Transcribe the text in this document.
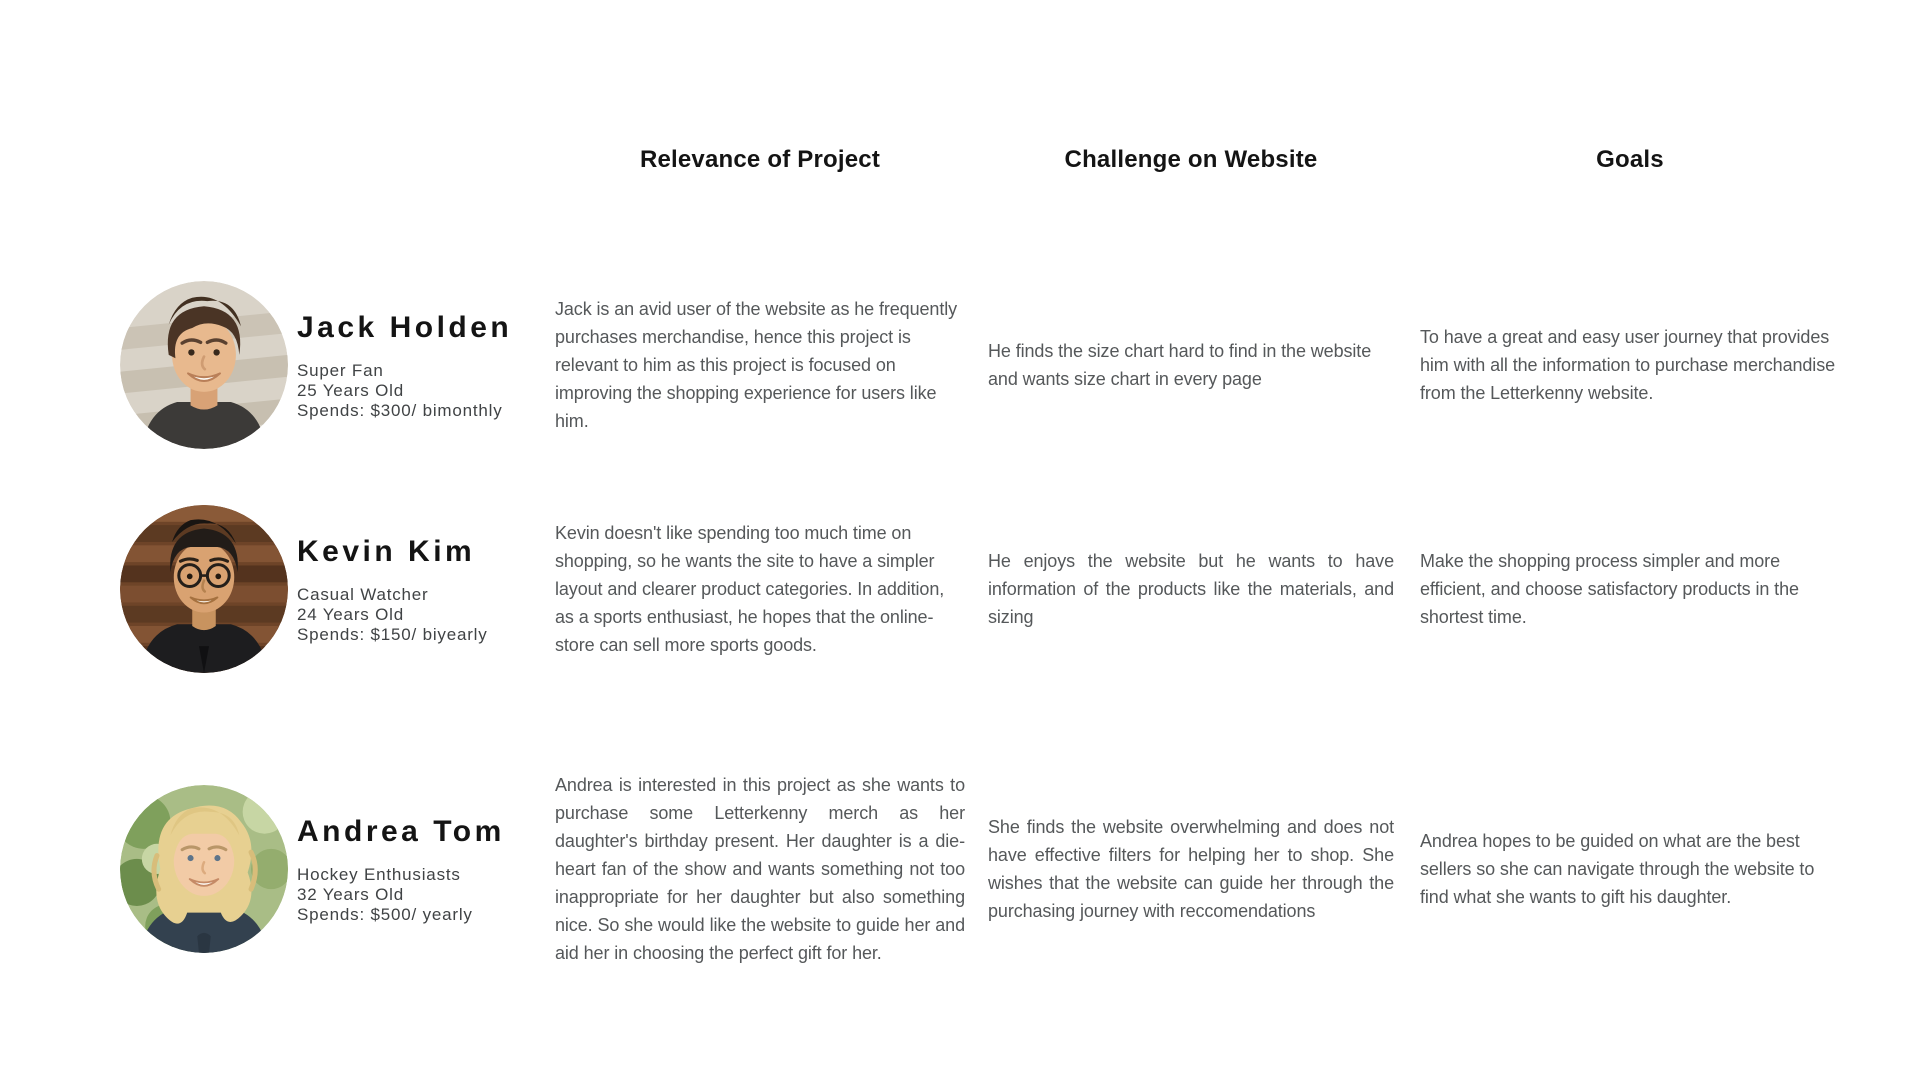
Relevance of Project	Challenge on Website	Goals
Jack Holden
Super Fan
25 Years Old
Spends: $300/ bimonthly
Jack is an avid user of the website as he frequently purchases merchandise, hence this project is relevant to him as this project is focused on improving the shopping experience for users like him.
He finds the size chart hard to find in the website and wants size chart in every page
To have a great and easy user journey that provides him with all the information to purchase merchandise from the Letterkenny website.
Kevin Kim
Casual Watcher
24 Years Old
Spends: $150/ biyearly
Kevin doesn't like spending too much time on shopping, so he wants the site to have a simpler layout and clearer product categories. In addition, as a sports enthusiast, he hopes that the online-store can sell more sports goods.
He enjoys the website but he wants to have information of the products like the materials, and sizing
Make the shopping process simpler and more efficient, and choose satisfactory products in the shortest time.
Andrea Tom
Hockey Enthusiasts
32 Years Old
Spends: $500/ yearly
Andrea is interested in this project as she wants to purchase some Letterkenny merch as her daughter's birthday present. Her daughter is a die-heart fan of the show and wants something not too inappropriate for her daughter but also something nice. So she would like the website to guide her and aid her in choosing the perfect gift for her.
She finds the website overwhelming and does not have effective filters for helping her to shop. She wishes that the website can guide her through the purchasing journey with reccomendations
Andrea hopes to be guided on what are the best sellers so she can navigate through the website to find what she wants to gift his daughter.
